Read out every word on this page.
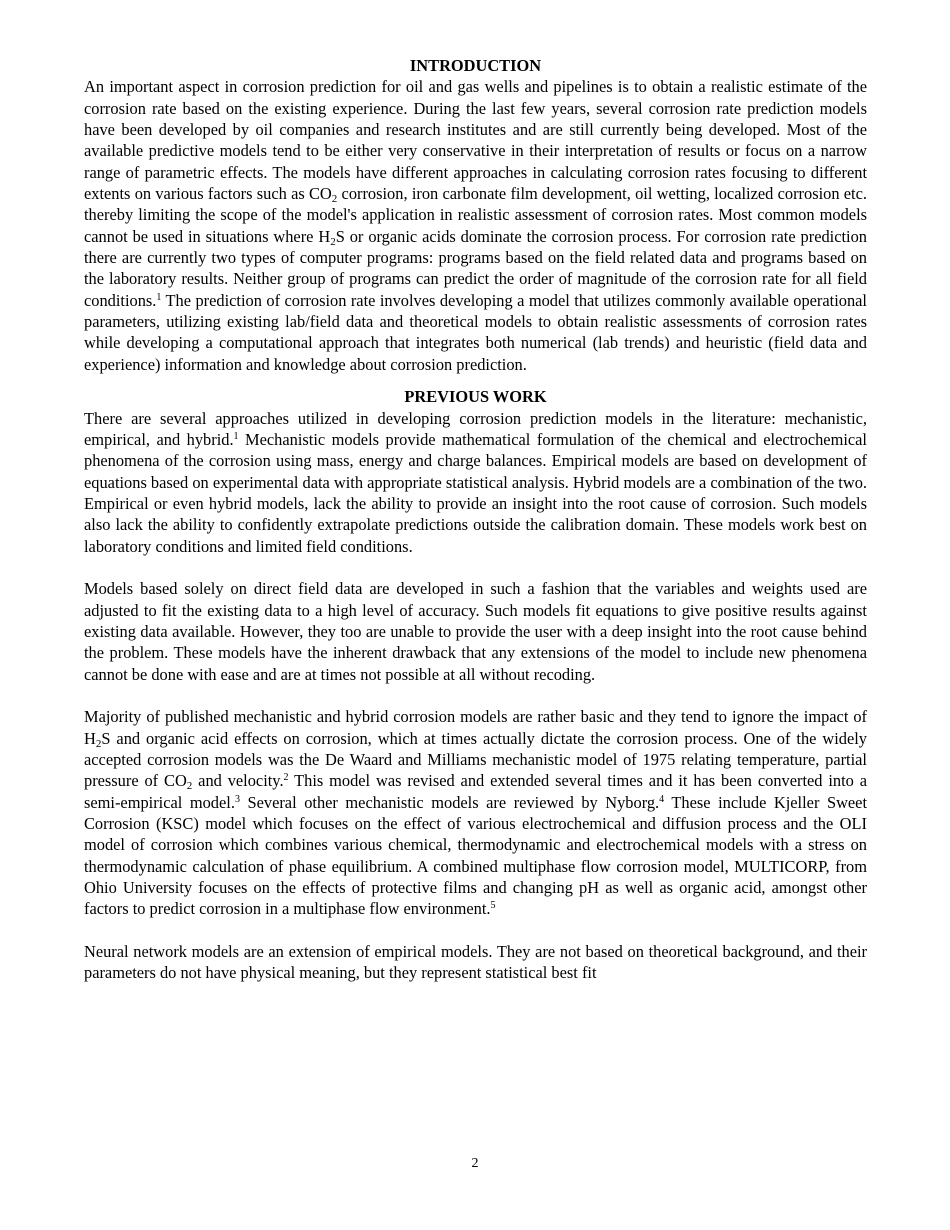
INTRODUCTION

An important aspect in corrosion prediction for oil and gas wells and pipelines is to obtain a realistic estimate of the corrosion rate based on the existing experience. During the last few years, several corrosion rate prediction models have been developed by oil companies and research institutes and are still currently being developed. Most of the available predictive models tend to be either very conservative in their interpretation of results or focus on a narrow range of parametric effects. The models have different approaches in calculating corrosion rates focusing to different extents on various factors such as $CO_2$ corrosion, iron carbonate film development, oil wetting, localized corrosion etc. thereby limiting the scope of the model's application in realistic assessment of corrosion rates. Most common models cannot be used in situations where $H_2S$ or organic acids dominate the corrosion process. For corrosion rate prediction there are currently two types of computer programs: programs based on the field related data and programs based on the laboratory results. Neither group of programs can predict the order of magnitude of the corrosion rate for all field conditions.$^1$ The prediction of corrosion rate involves developing a model that utilizes commonly available operational parameters, utilizing existing lab/field data and theoretical models to obtain realistic assessments of corrosion rates while developing a computational approach that integrates both numerical (lab trends) and heuristic (field data and experience) information and knowledge about corrosion prediction.

PREVIOUS WORK

There are several approaches utilized in developing corrosion prediction models in the literature: mechanistic, empirical, and hybrid.$^1$ Mechanistic models provide mathematical formulation of the chemical and electrochemical phenomena of the corrosion using mass, energy and charge balances. Empirical models are based on development of equations based on experimental data with appropriate statistical analysis. Hybrid models are a combination of the two. Empirical or even hybrid models, lack the ability to provide an insight into the root cause of corrosion. Such models also lack the ability to confidently extrapolate predictions outside the calibration domain. These models work best on laboratory conditions and limited field conditions.

Models based solely on direct field data are developed in such a fashion that the variables and weights used are adjusted to fit the existing data to a high level of accuracy. Such models fit equations to give positive results against existing data available. However, they too are unable to provide the user with a deep insight into the root cause behind the problem. These models have the inherent drawback that any extensions of the model to include new phenomena cannot be done with ease and are at times not possible at all without recoding.

Majority of published mechanistic and hybrid corrosion models are rather basic and they tend to ignore the impact of $H_2S$ and organic acid effects on corrosion, which at times actually dictate the corrosion process. One of the widely accepted corrosion models was the De Waard and Milliams mechanistic model of 1975 relating temperature, partial pressure of $CO_2$ and velocity.$^2$ This model was revised and extended several times and it has been converted into a semi-empirical model.$^3$ Several other mechanistic models are reviewed by Nyborg.$^4$ These include Kjeller Sweet Corrosion (KSC) model which focuses on the effect of various electrochemical and diffusion process and the OLI model of corrosion which combines various chemical, thermodynamic and electrochemical models with a stress on thermodynamic calculation of phase equilibrium. A combined multiphase flow corrosion model, MULTICORP, from Ohio University focuses on the effects of protective films and changing pH as well as organic acid, amongst other factors to predict corrosion in a multiphase flow environment.$^5$

Neural network models are an extension of empirical models. They are not based on theoretical background, and their parameters do not have physical meaning, but they represent statistical best fit

2
